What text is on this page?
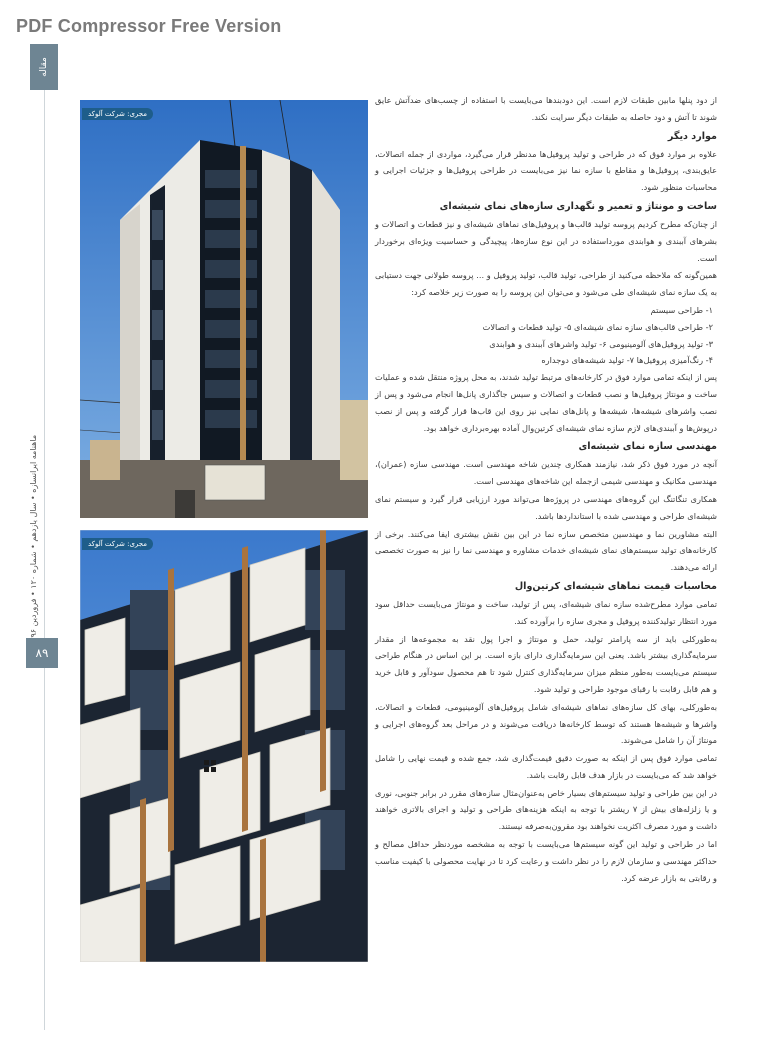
PDF Compressor Free Version
مقاله
ماهنامه ایرانسازه • سال یازدهم • شماره ۱۲۰ • فروردین
۸۹
مجری: شرکت آلوکد
مجری: شرکت آلوکد

از دود پنلها مابین طبقات لازم است. این دودبندها می‌بایست با استفاده از چسب‌های ضدآتش عایق شوند تا آتش و دود حاصله به طبقات دیگر سرایت نکند.

موارد دیگر

علاوه بر موارد فوق که در طراحی و تولید پروفیل‌ها مدنظر قرار می‌گیرد، مواردی از جمله اتصالات، عایق‌بندی، پروفیل‌ها و مقاطع با سازه نما نیز می‌بایست در طراحی پروفیل‌ها و جزئیات اجرایی و محاسبات منظور شود.

ساخت و مونتاژ و تعمیر و نگهداری سازه‌های نمای شیشه‌ای

از چنان‌که مطرح کردیم پروسه تولید قالب‌ها و پروفیل‌های نماهای شیشه‌ای و نیز قطعات و اتصالات و بشرهای آببندی و هوابندی مورداستفاده در این نوع سازه‌ها، پیچیدگی و حساسیت ویژه‌ای برخوردار است.

همین‌گونه که ملاحظه می‌کنید از طراحی، تولید قالب، تولید پروفیل و ... پروسه طولانی جهت دستیابی به یک سازه نمای شیشه‌ای طی می‌شود و می‌توان این پروسه را به صورت زیر خلاصه کرد:

۱- طراحی سیستم

۲- طراحی قالب‌های سازه نمای شیشه‌ای ۵- تولید قطعات و اتصالات

۳- تولید پروفیل‌های آلومینیومی ۶- تولید واشرهای آببندی و هوابندی

۴- رنگ‌آمیزی پروفیل‌ها ۷- تولید شیشه‌های دوجداره

پس از اینکه تمامی موارد فوق در کارخانه‌های مرتبط تولید شدند، به محل پروژه منتقل شده و عملیات ساخت و مونتاژ پروفیل‌ها و نصب قطعات و اتصالات و سیس جاگذاری پانل‌ها انجام می‌شود و پس از نصب واشرهای شیشه‌ها، شیشه‌ها و پانل‌های نمایی نیز روی این قاب‌ها قرار گرفته و پس از نصب درپوش‌ها و آببندی‌های لازم سازه نمای شیشه‌ای کرتین‌وال آماده بهره‌برداری خواهد بود.

مهندسی سازه نمای شیشه‌ای

آنچه در مورد فوق ذکر شد، نیازمند همکاری چندین شاخه مهندسی است. مهندسی سازه (عمران)، مهندسی مکانیک و مهندسی شیمی ازجمله این شاخه‌های مهندسی است.

همکاری تنگاتنگ این گروه‌های مهندسی در پروژه‌ها می‌تواند مورد ارزیابی قرار گیرد و سیستم نمای شیشه‌ای طراحی و مهندسی شده با استانداردها باشد.

البته مشاورین نما و مهندسین متخصص سازه نما در این بین نقش بیشتری ایفا می‌کنند. برخی از کارخانه‌های تولید سیستم‌های نمای شیشه‌ای خدمات مشاوره و مهندسی نما را نیز به صورت تخصصی ارائه می‌دهند.

محاسبات قیمت نماهای شیشه‌ای کرتین‌وال

تمامی موارد مطرح‌شده سازه نمای شیشه‌ای، پس از تولید، ساخت و مونتاژ می‌بایست حداقل سود مورد انتظار تولیدکننده پروفیل و مجری سازه را برآورده کند.

به‌طورکلی باید از سه پارامتر تولید، حمل و مونتاژ و اجرا پول نقد به مجموعه‌ها از مقدار سرمایه‌گذاری بیشتر باشد. یعنی این سرمایه‌گذاری دارای بازه است. بر این اساس در هنگام طراحی سیستم می‌بایست به‌طور منظم میزان سرمایه‌گذاری کنترل شود تا هم محصول سودآور و قابل خرید و هم قابل رقابت با رقبای موجود طراحی و تولید شود.

به‌طورکلی، بهای کل سازه‌های نماهای شیشه‌ای شامل پروفیل‌های آلومینیومی، قطعات و اتصالات، واشرها و شیشه‌ها هستند که توسط کارخانه‌ها دریافت می‌شوند و در مراحل بعد گروه‌های اجرایی و مونتاژ آن را شامل می‌شوند.

تمامی موارد فوق پس از اینکه به صورت دقیق قیمت‌گذاری شد، جمع شده و قیمت نهایی را شامل خواهد شد که می‌بایست در بازار هدف قابل رقابت باشد.

در این بین طراحی و تولید سیستم‌های بسیار خاص به‌عنوان‌مثال سازه‌های مقرر در برابر جنوبی، نوری و یا زلزله‌های بیش از ۷ ریشتر با توجه به اینکه هزینه‌های طراحی و تولید و اجرای بالاتری خواهند داشت و مورد مصرف اکثریت نخواهند بود مقرون‌به‌صرفه نیستند.

اما در طراحی و تولید این گونه سیستم‌ها می‌بایست با توجه به مشخصه موردنظر حداقل مصالح و حداکثر مهندسی و سازمان لازم را در نظر داشت و رعایت کرد تا در نهایت محصولی با کیفیت مناسب و رقابتی به بازار عرضه کرد.
